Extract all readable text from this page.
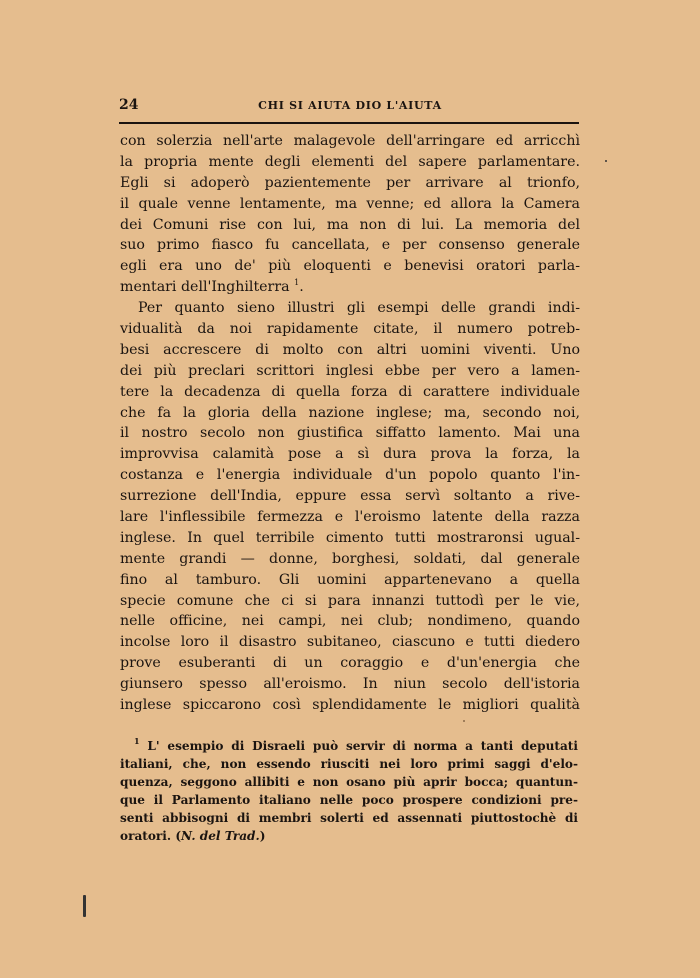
24	CHI SI AIUTA DIO L'AIUTA
con solerzia nell'arte malagevole dell'arringare ed arricchì
la propria mente degli elementi del sapere parlamentare.
Egli si adoperò pazientemente per arrivare al trionfo,
il quale venne lentamente, ma venne; ed allora la Camera
dei Comuni rise con lui, ma non di lui. La memoria del
suo primo fiasco fu cancellata, e per consenso generale
egli era uno de' più eloquenti e benevisi oratori parla-
mentari dell'Inghilterra $^1$.
Per quanto sieno illustri gli esempi delle grandi indi-
vidualità da noi rapidamente citate, il numero potreb-
besi accrescere di molto con altri uomini viventi. Uno
dei più preclari scrittori inglesi ebbe per vero a lamen-
tere la decadenza di quella forza di carattere individuale
che fa la gloria della nazione inglese; ma, secondo noi,
il nostro secolo non giustifica siffatto lamento. Mai una
improvvisa calamità pose a sì dura prova la forza, la
costanza e l'energia individuale d'un popolo quanto l'in-
surrezione dell'India, eppure essa servì soltanto a rive-
lare l'inflessibile fermezza e l'eroismo latente della razza
inglese. In quel terribile cimento tutti mostraronsi ugual-
mente grandi — donne, borghesi, soldati, dal generale
fino al tamburo. Gli uomini appartenevano a quella
specie comune che ci si para innanzi tuttodì per le vie,
nelle officine, nei campi, nei club; nondimeno, quando
incolse loro il disastro subitaneo, ciascuno e tutti diedero
prove esuberanti di un coraggio e d'un'energia che
giunsero spesso all'eroismo. In niun secolo dell'istoria
inglese spiccarono così splendidamente le migliori qualità
$^1$ L' esempio di Disraeli può servir di norma a tanti deputati
italiani, che, non essendo riusciti nei loro primi saggi d'elo-
quenza, seggono allibiti e non osano più aprir bocca; quantun-
que il Parlamento italiano nelle poco prospere condizioni pre-
senti abbisogni di membri solerti ed assennati piuttostochè di
oratori. (N. del Trad.)
